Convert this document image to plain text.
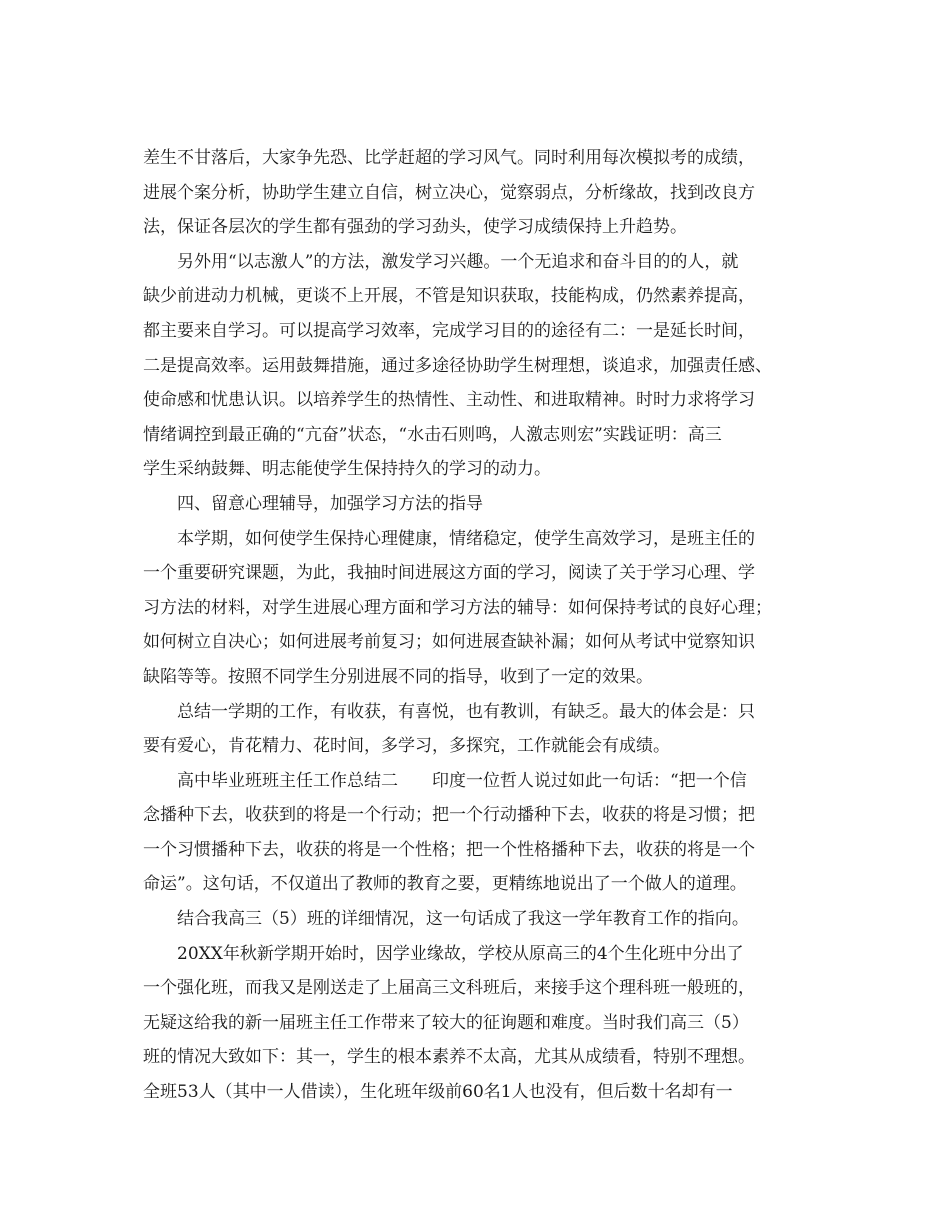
差生不甘落后，大家争先恐、比学赶超的学习风气。同时利用每次模拟考的成绩，
进展个案分析，协助学生建立自信，树立决心，觉察弱点，分析缘故，找到改良方
法，保证各层次的学生都有强劲的学习劲头，使学习成绩保持上升趋势。
　　另外用“以志激人”的方法，激发学习兴趣。一个无追求和奋斗目的的人，就
缺少前进动力机械，更谈不上开展，不管是知识获取，技能构成，仍然素养提高，
都主要来自学习。可以提高学习效率，完成学习目的的途径有二：一是延长时间，
二是提高效率。运用鼓舞措施，通过多途径协助学生树理想，谈追求，加强责任感、
使命感和忧患认识。以培养学生的热情性、主动性、和进取精神。时时力求将学习
情绪调控到最正确的“亢奋”状态，“水击石则鸣，人激志则宏”实践证明：高三
学生采纳鼓舞、明志能使学生保持持久的学习的动力。
　　四、留意心理辅导，加强学习方法的指导
　　本学期，如何使学生保持心理健康，情绪稳定，使学生高效学习，是班主任的
一个重要研究课题，为此，我抽时间进展这方面的学习，阅读了关于学习心理、学
习方法的材料，对学生进展心理方面和学习方法的辅导：如何保持考试的良好心理；
如何树立自决心；如何进展考前复习；如何进展查缺补漏；如何从考试中觉察知识
缺陷等等。按照不同学生分别进展不同的指导，收到了一定的效果。
　　总结一学期的工作，有收获，有喜悦，也有教训，有缺乏。最大的体会是：只
要有爱心，肯花精力、花时间，多学习，多探究，工作就能会有成绩。
　　高中毕业班班主任工作总结二　　印度一位哲人说过如此一句话：“把一个信
念播种下去，收获到的将是一个行动；把一个行动播种下去，收获的将是习惯；把
一个习惯播种下去，收获的将是一个性格；把一个性格播种下去，收获的将是一个
命运”。这句话，不仅道出了教师的教育之要，更精练地说出了一个做人的道理。
　　结合我高三（5）班的详细情况，这一句话成了我这一学年教育工作的指向。
　　20XX年秋新学期开始时，因学业缘故，学校从原高三的4个生化班中分出了
一个强化班，而我又是刚送走了上届高三文科班后，来接手这个理科班一般班的，
无疑这给我的新一届班主任工作带来了较大的征询题和难度。当时我们高三（5）
班的情况大致如下：其一，学生的根本素养不太高，尤其从成绩看，特别不理想。
全班53人（其中一人借读），生化班年级前60名1人也没有，但后数十名却有一
